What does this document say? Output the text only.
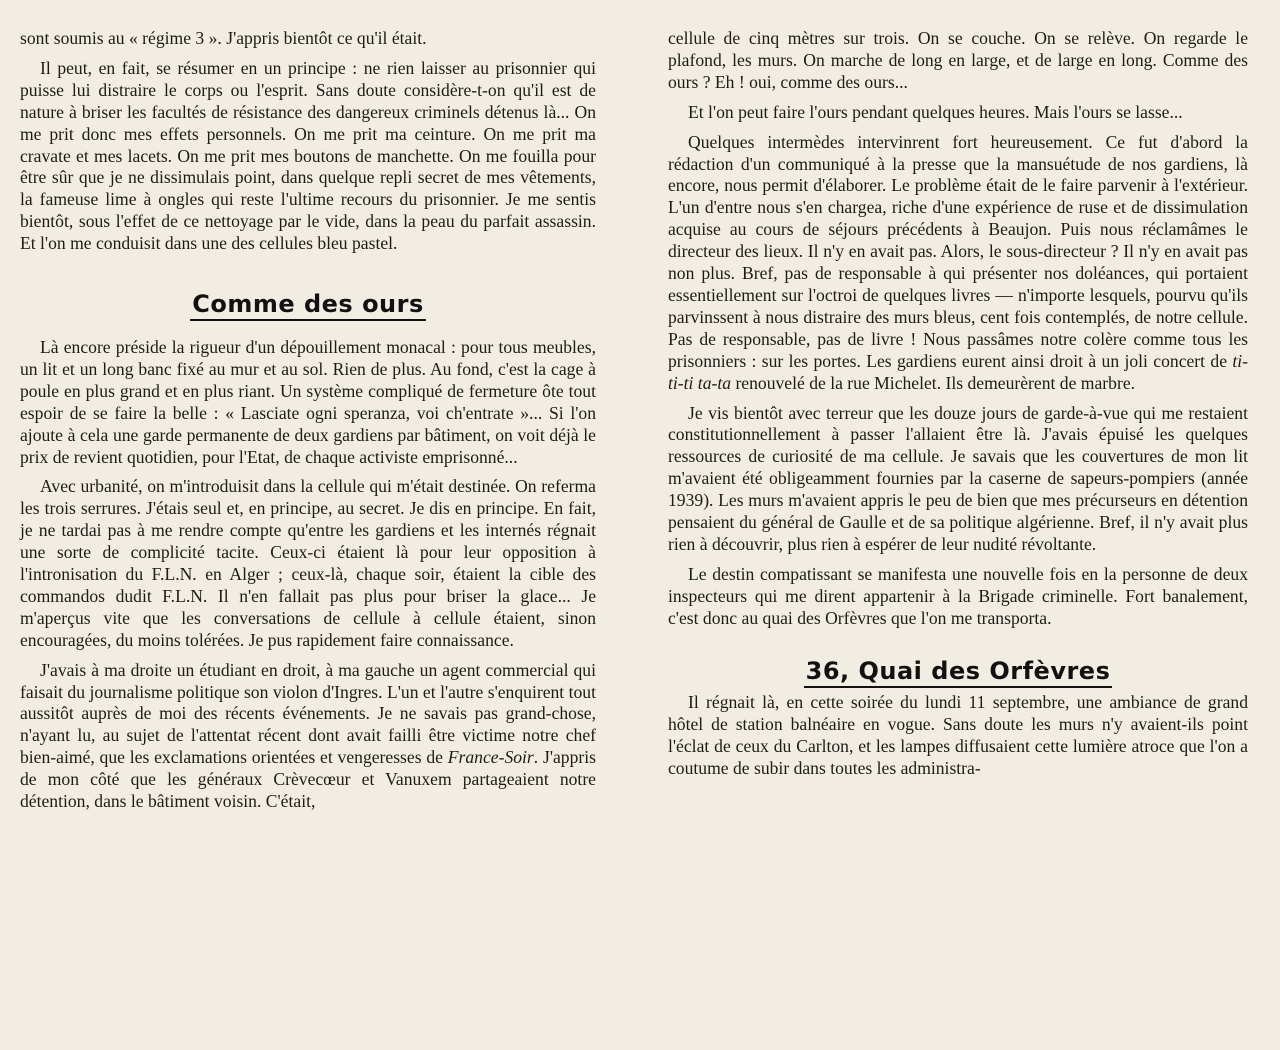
sont soumis au « régime 3 ». J'appris bientôt ce qu'il était.

Il peut, en fait, se résumer en un principe : ne rien laisser au prisonnier qui puisse lui distraire le corps ou l'esprit. Sans doute considère-t-on qu'il est de nature à briser les facultés de résistance des dangereux criminels détenus là... On me prit donc mes effets personnels. On me prit ma ceinture. On me prit ma cravate et mes lacets. On me prit mes boutons de manchette. On me fouilla pour être sûr que je ne dissimulais point, dans quelque repli secret de mes vêtements, la fameuse lime à ongles qui reste l'ultime recours du prisonnier. Je me sentis bientôt, sous l'effet de ce nettoyage par le vide, dans la peau du parfait assassin. Et l'on me conduisit dans une des cellules bleu pastel.

Comme des ours

Là encore préside la rigueur d'un dépouillement monacal : pour tous meubles, un lit et un long banc fixé au mur et au sol. Rien de plus. Au fond, c'est la cage à poule en plus grand et en plus riant. Un système compliqué de fermeture ôte tout espoir de se faire la belle : « Lasciate ogni speranza, voi ch'entrate »... Si l'on ajoute à cela une garde permanente de deux gardiens par bâtiment, on voit déjà le prix de revient quotidien, pour l'Etat, de chaque activiste emprisonné...

Avec urbanité, on m'introduisit dans la cellule qui m'était destinée. On referma les trois serrures. J'étais seul et, en principe, au secret. Je dis en principe. En fait, je ne tardai pas à me rendre compte qu'entre les gardiens et les internés régnait une sorte de complicité tacite. Ceux-ci étaient là pour leur opposition à l'intronisation du F.L.N. en Alger ; ceux-là, chaque soir, étaient la cible des commandos dudit F.L.N. Il n'en fallait pas plus pour briser la glace... Je m'aperçus vite que les conversations de cellule à cellule étaient, sinon encouragées, du moins tolérées. Je pus rapidement faire connaissance.

J'avais à ma droite un étudiant en droit, à ma gauche un agent commercial qui faisait du journalisme politique son violon d'Ingres. L'un et l'autre s'enquirent tout aussitôt auprès de moi des récents événements. Je ne savais pas grand-chose, n'ayant lu, au sujet de l'attentat récent dont avait failli être victime notre chef bien-aimé, que les exclamations orientées et vengeresses de France-Soir. J'appris de mon côté que les généraux Crèvecœur et Vanuxem partageaient notre détention, dans le bâtiment voisin. C'était,

cellule de cinq mètres sur trois. On se couche. On se relève. On regarde le plafond, les murs. On marche de long en large, et de large en long. Comme des ours ? Eh ! oui, comme des ours...

Et l'on peut faire l'ours pendant quelques heures. Mais l'ours se lasse...

Quelques intermèdes intervinrent fort heureusement. Ce fut d'abord la rédaction d'un communiqué à la presse que la mansuétude de nos gardiens, là encore, nous permit d'élaborer. Le problème était de le faire parvenir à l'extérieur. L'un d'entre nous s'en chargea, riche d'une expérience de ruse et de dissimulation acquise au cours de séjours précédents à Beaujon. Puis nous réclamâmes le directeur des lieux. Il n'y en avait pas. Alors, le sous-directeur ? Il n'y en avait pas non plus. Bref, pas de responsable à qui présenter nos doléances, qui portaient essentiellement sur l'octroi de quelques livres — n'importe lesquels, pourvu qu'ils parvinssent à nous distraire des murs bleus, cent fois contemplés, de notre cellule. Pas de responsable, pas de livre ! Nous passâmes notre colère comme tous les prisonniers : sur les portes. Les gardiens eurent ainsi droit à un joli concert de ti-ti-ti ta-ta renouvelé de la rue Michelet. Ils demeurèrent de marbre.

Je vis bientôt avec terreur que les douze jours de garde-à-vue qui me restaient constitutionnellement à passer l'allaient être là. J'avais épuisé les quelques ressources de curiosité de ma cellule. Je savais que les couvertures de mon lit m'avaient été obligeamment fournies par la caserne de sapeurs-pompiers (année 1939). Les murs m'avaient appris le peu de bien que mes précurseurs en détention pensaient du général de Gaulle et de sa politique algérienne. Bref, il n'y avait plus rien à découvrir, plus rien à espérer de leur nudité révoltante.

Le destin compatissant se manifesta une nouvelle fois en la personne de deux inspecteurs qui me dirent appartenir à la Brigade criminelle. Fort banalement, c'est donc au quai des Orfèvres que l'on me transporta.

36, Quai des Orfèvres

Il régnait là, en cette soirée du lundi 11 septembre, une ambiance de grand hôtel de station balnéaire en vogue. Sans doute les murs n'y avaient-ils point l'éclat de ceux du Carlton, et les lampes diffusaient cette lumière atroce que l'on a coutume de subir dans toutes les administra-
